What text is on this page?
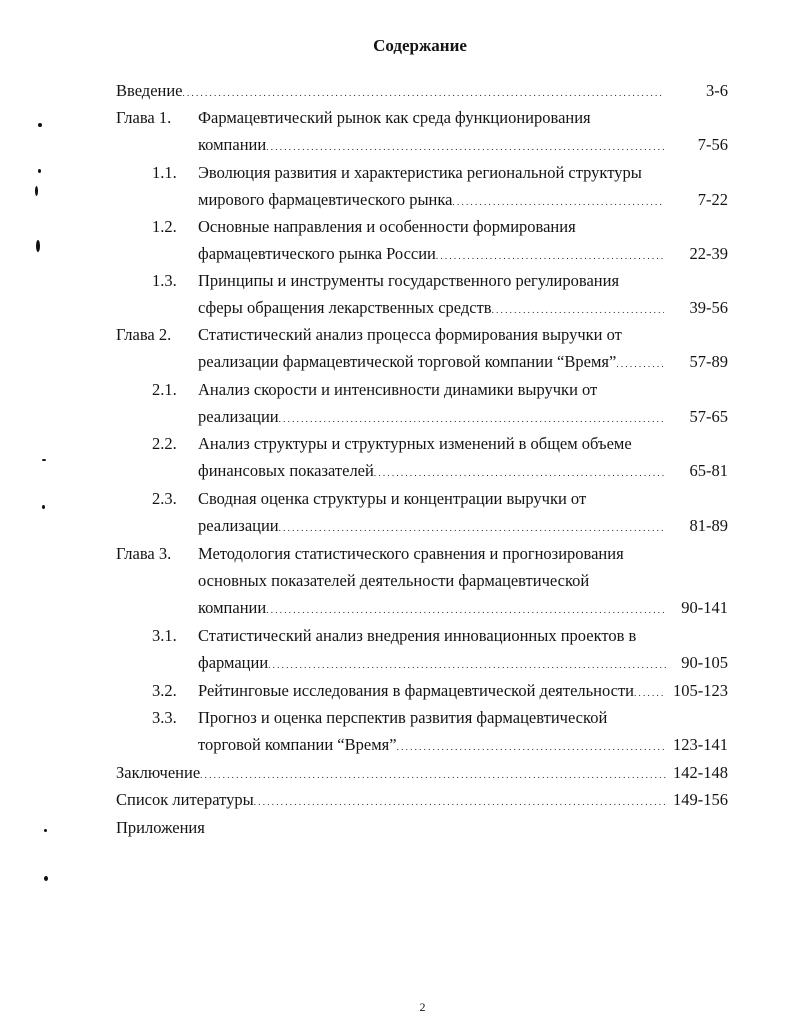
Содержание
Введение . . .	3-6
Глава 1. Фармацевтический рынок как среда функционирования
компании . . .	7-56
1.1. Эволюция развития и характеристика региональной структуры
мирового фармацевтического рынка . . .	7-22
1.2. Основные направления и особенности формирования
фармацевтического рынка России . . .	22-39
1.3. Принципы и инструменты государственного регулирования
сферы обращения лекарственных средств . . .	39-56
Глава 2. Статистический анализ процесса формирования выручки от
реализации фармацевтической торговой компании “Время” . . .	57-89
2.1. Анализ скорости и интенсивности динамики выручки от
реализации . . .	57-65
2.2. Анализ структуры и структурных изменений в общем объеме
финансовых показателей . . .	65-81
2.3. Сводная оценка структуры и концентрации выручки от
реализации . . .	81-89
Глава 3. Методология статистического сравнения и прогнозирования
основных показателей деятельности фармацевтической
компании . . .	90-141
3.1. Статистический анализ внедрения инновационных проектов в
фармации . . .	90-105
3.2. Рейтинговые исследования в фармацевтической деятельности . . . 105-123
3.3. Прогноз и оценка перспектив развития фармацевтической
торговой компании “Время” . . .	123-141
Заключение . . .	142-148
Список литературы . . .	149-156
Приложения
2
